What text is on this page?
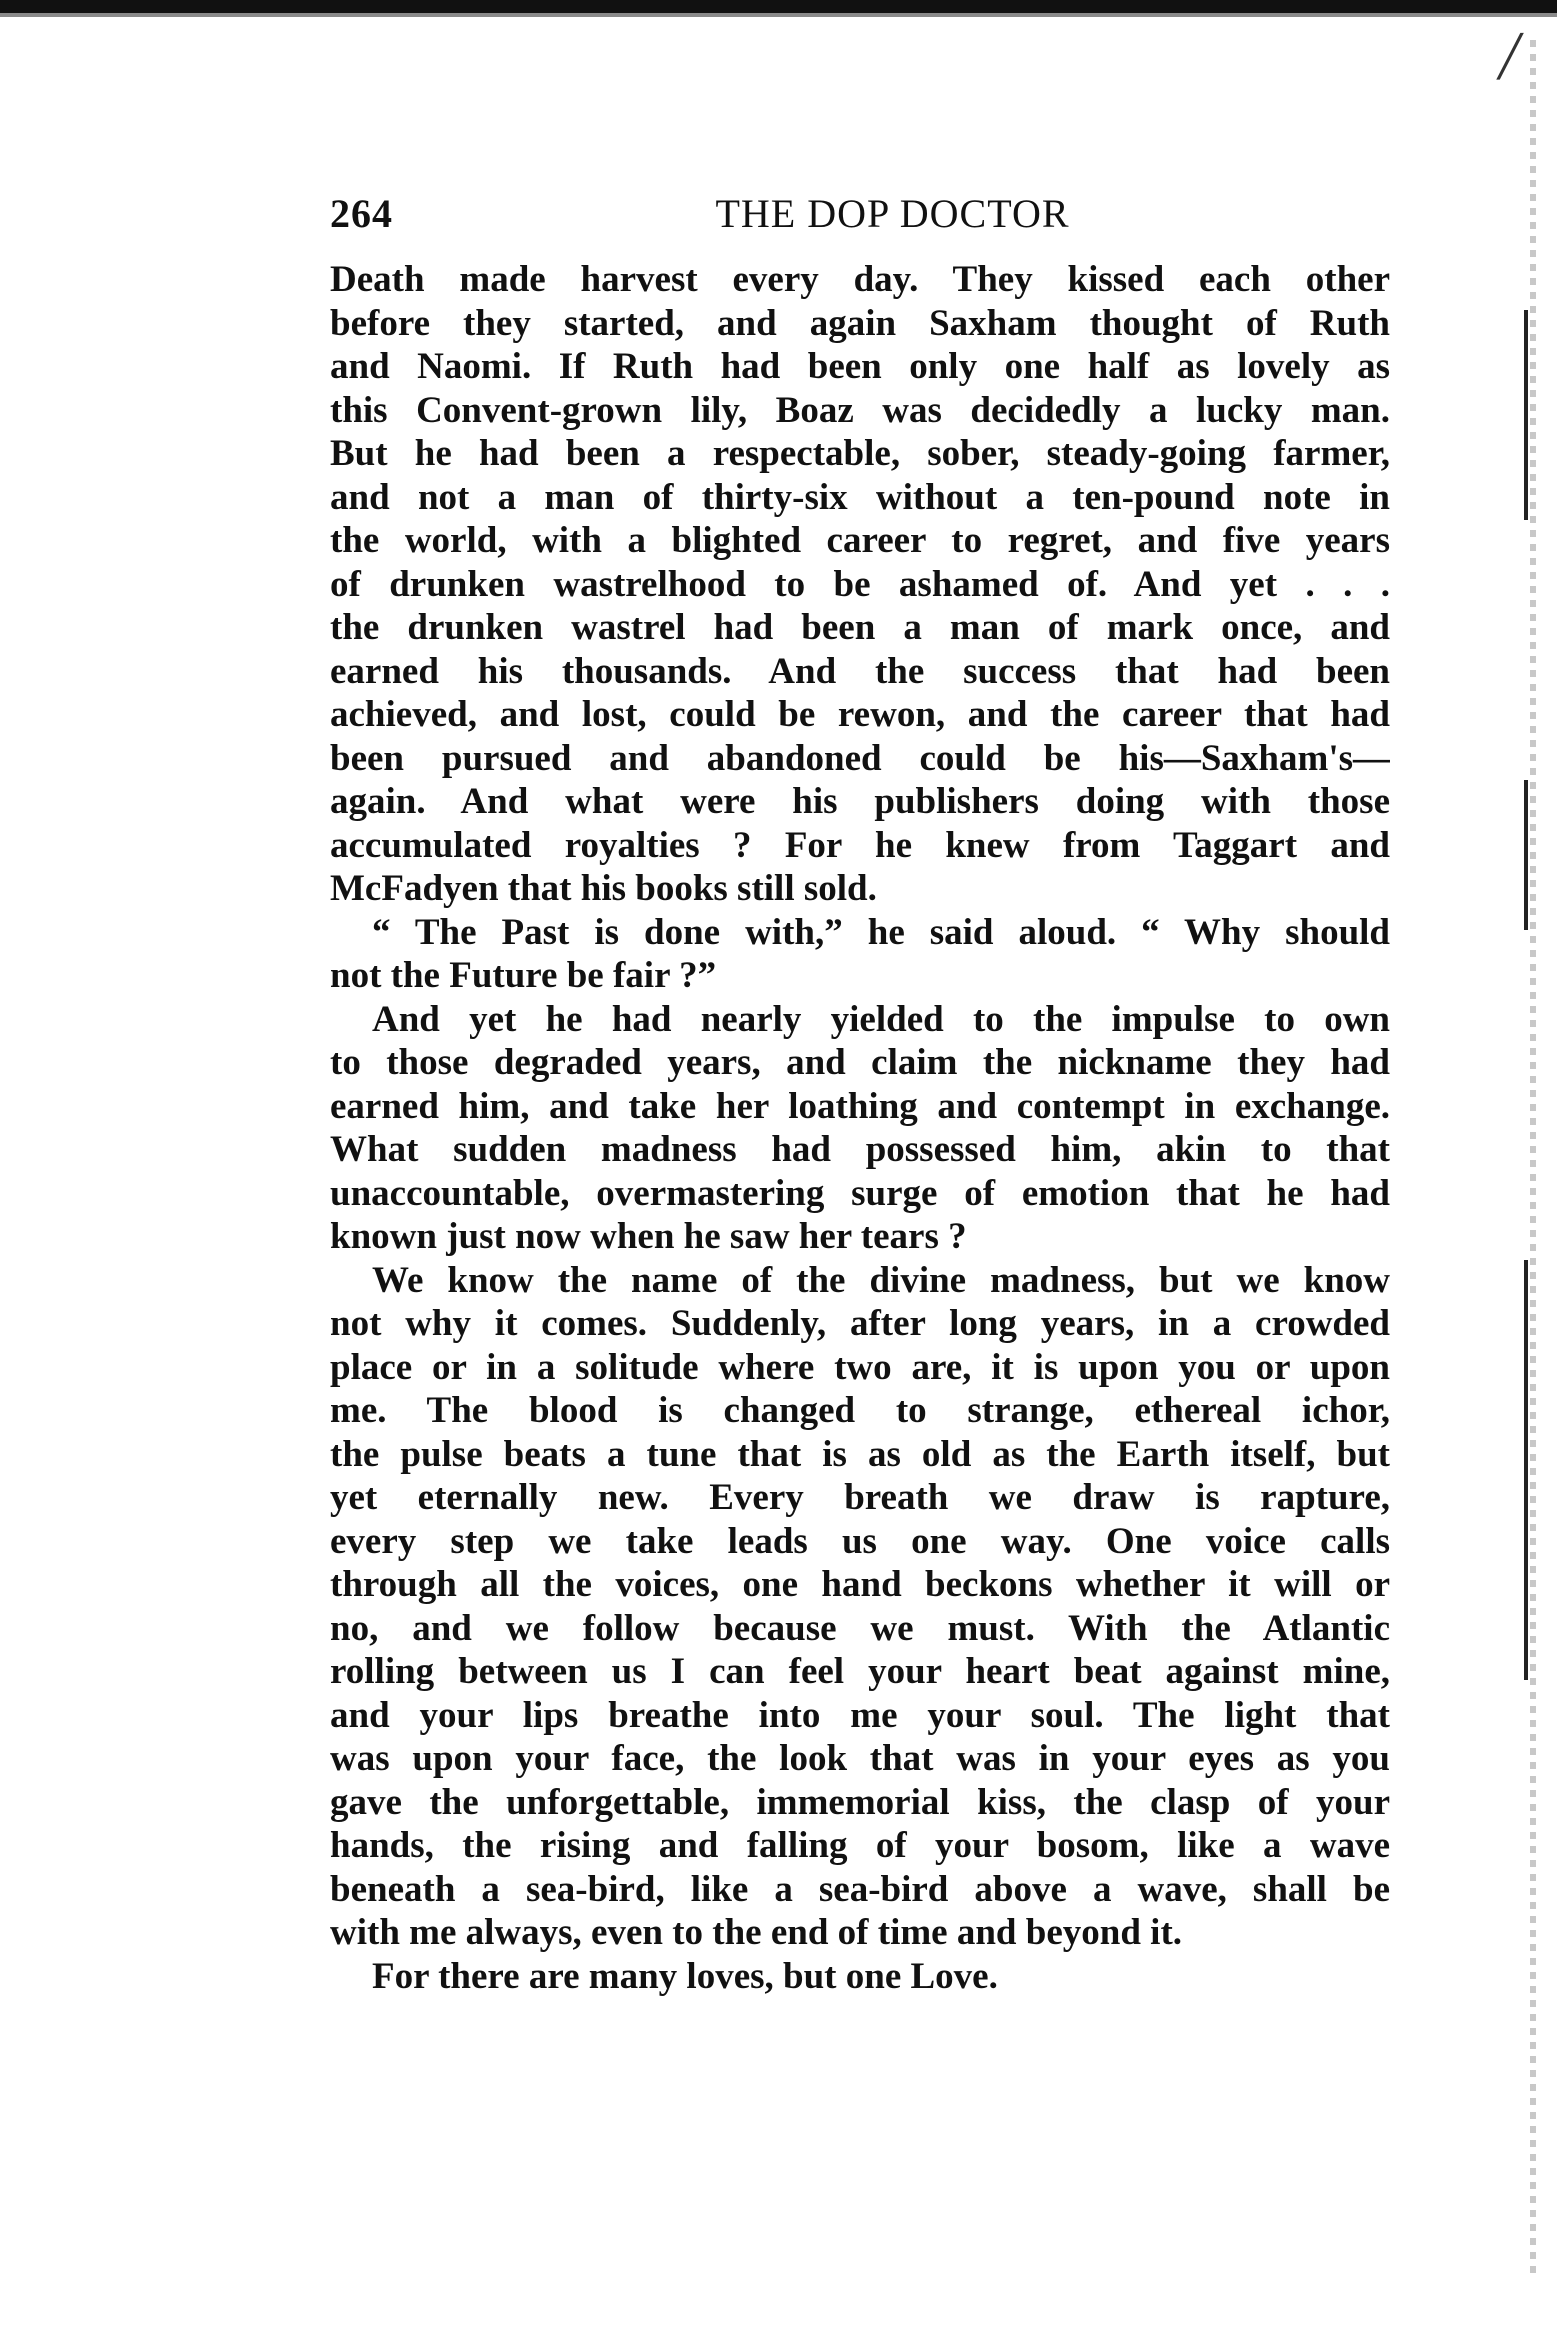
╱
264	THE DOP DOCTOR
Death made harvest every day. They kissed each other
before they started, and again Saxham thought of Ruth
and Naomi. If Ruth had been only one half as lovely as
this Convent-grown lily, Boaz was decidedly a lucky man.
But he had been a respectable, sober, steady-going farmer,
and not a man of thirty-six without a ten-pound note in
the world, with a blighted career to regret, and five years
of drunken wastrelhood to be ashamed of. And yet . . .
the drunken wastrel had been a man of mark once, and
earned his thousands. And the success that had been
achieved, and lost, could be rewon, and the career that had
been pursued and abandoned could be his—Saxham's—
again. And what were his publishers doing with those
accumulated royalties ? For he knew from Taggart and
McFadyen that his books still sold.
“ The Past is done with,” he said aloud. “ Why should
not the Future be fair ?”
And yet he had nearly yielded to the impulse to own
to those degraded years, and claim the nickname they had
earned him, and take her loathing and contempt in exchange.
What sudden madness had possessed him, akin to that
unaccountable, overmastering surge of emotion that he had
known just now when he saw her tears ?
We know the name of the divine madness, but we know
not why it comes. Suddenly, after long years, in a crowded
place or in a solitude where two are, it is upon you or upon
me. The blood is changed to strange, ethereal ichor,
the pulse beats a tune that is as old as the Earth itself, but
yet eternally new. Every breath we draw is rapture,
every step we take leads us one way. One voice calls
through all the voices, one hand beckons whether it will or
no, and we follow because we must. With the Atlantic
rolling between us I can feel your heart beat against mine,
and your lips breathe into me your soul. The light that
was upon your face, the look that was in your eyes as you
gave the unforgettable, immemorial kiss, the clasp of your
hands, the rising and falling of your bosom, like a wave
beneath a sea-bird, like a sea-bird above a wave, shall be
with me always, even to the end of time and beyond it.
For there are many loves, but one Love.
